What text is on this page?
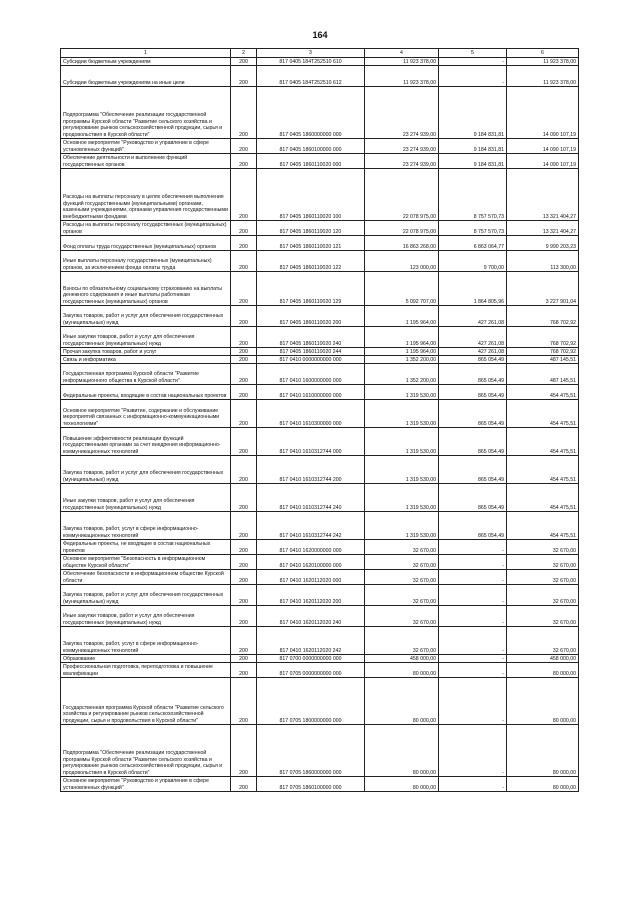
164
1	2	3	4	5	6
Субсидии бюджетным учреждениям	200	817 0405 184T252510 610	11 923 378,00	-	11 923 378,00
Субсидии бюджетным учреждениям на иные цели	200	817 0405 184T252510 612	11 923 378,00	-	11 923 378,00
Подпрограмма "Обеспечение реализации государственной программы Курской области "Развитие сельского хозяйства и регулирование рынков сельскохозяйственной продукции, сырья и продовольствия в Курской области"	200	817 0405 1860000000 000	23 274 939,00	9 184 831,81	14 090 107,19
Основное мероприятие "Руководство и управление в сфере установленных функций"	200	817 0405 1860100000 000	23 274 939,00	9 184 831,81	14 090 107,19
Обеспечение деятельности и выполнение функций государственных органов	200	817 0405 1860110020 000	23 274 939,00	9 184 831,81	14 090 107,19
Расходы на выплаты персоналу в целях обеспечения выполнения функций государственными (муниципальными) органами, казенными учреждениями, органами управления государственными внебюджетными фондами	200	817 0405 1860110020 100	22 078 975,00	8 757 570,73	13 321 404,27
Расходы на выплаты персоналу государственных (муниципальных) органов	200	817 0405 1860110020 120	22 078 975,00	8 757 570,73	13 321 404,27
Фонд оплаты труда государственных (муниципальных) органов	200	817 0405 1860110020 121	16 863 268,00	6 863 064,77	9 990 203,23
Иные выплаты персоналу государственных (муниципальных) органов, за исключением фонда оплаты труда	200	817 0405 1860110020 122	123 000,00	9 700,00	113 300,00
Взносы по обязательному социальному страхованию на выплаты денежного содержания и иные выплаты работникам государственных (муниципальных) органов	200	817 0405 1860110020 129	5 092 707,00	1 864 805,96	3 227 901,04
Закупка товаров, работ и услуг для обеспечения государственных (муниципальных) нужд	200	817 0405 1860110020 200	1 195 964,00	427 261,08	768 702,92
Иные закупки товаров, работ и услуг для обеспечения государственных (муниципальных) нужд	200	817 0405 1860110020 240	1 195 964,00	427 261,08	768 702,92
Прочая закупка товаров, работ и услуг	200	817 0405 1860110020 244	1 195 964,00	427 261,08	768 702,92
Связь и информатика	200	817 0410 0000000000 000	1 352 200,00	865 054,49	487 145,51
Государственная программа Курской области "Развитие информационного общества в Курской области"	200	817 0410 1600000000 000	1 352 200,00	865 054,49	487 145,51
Федеральные проекты, входящие в состав национальных проектов	200	817 0410 1610000000 000	1 319 530,00	865 054,49	454 475,51
Основное мероприятие "Развитие, содержание и обслуживание мероприятий связанных с информационно-коммуникационными технологиями"	200	817 0410 1610300000 000	1 319 530,00	865 054,49	454 475,51
Повышение эффективности реализации функций государственными органами за счет внедрения информационно-коммуникационных технологий	200	817 0410 1610312744 000	1 319 530,00	865 054,49	454 475,51
Закупка товаров, работ и услуг для обеспечения государственных (муниципальных) нужд	200	817 0410 1610312744 200	1 319 530,00	865 054,49	454 475,51
Иные закупки товаров, работ и услуг для обеспечения государственных (муниципальных) нужд	200	817 0410 1610312744 240	1 319 530,00	865 054,49	454 475,51
Закупка товаров, работ, услуг в сфере информационно-коммуникационных технологий	200	817 0410 1610312744 242	1 319 530,00	865 054,49	454 475,51
Федеральные проекты, не входящие в состав национальных проектов	200	817 0410 1620000000 000	32 670,00	-	32 670,00
Основное мероприятие "Безопасность в информационном обществе Курской области"	200	817 0410 1620100000 000	32 670,00	-	32 670,00
Обеспечение безопасности в информационном обществе Курской области	200	817 0410 1620112020 000	32 670,00	-	32 670,00
Закупка товаров, работ и услуг для обеспечения государственных (муниципальных) нужд	200	817 0410 1620112020 200	32 670,00	-	32 670,00
Иные закупки товаров, работ и услуг для обеспечения государственных (муниципальных) нужд	200	817 0410 1620112020 240	32 670,00	-	32 670,00
Закупка товаров, работ, услуг в сфере информационно-коммуникационных технологий	200	817 0410 1620112020 242	32 670,00	-	32 670,00
Образование	200	817 0700 0000000000 000	458 000,00	-	458 000,00
Профессиональная подготовка, переподготовка и повышение квалификации	200	817 0705 0000000000 000	80 000,00	-	80 000,00
Государственная программа Курской области "Развитие сельского хозяйства и регулирование рынков сельскохозяйственной продукции, сырья и продовольствия в Курской области"	200	817 0705 1800000000 000	80 000,00	-	80 000,00
Подпрограмма "Обеспечение реализации государственной программы Курской области "Развитие сельского хозяйства и регулирование рынков сельскохозяйственной продукции, сырья и продовольствия в Курской области"	200	817 0705 1860000000 000	80 000,00	-	80 000,00
Основное мероприятие "Руководство и управление в сфере установленных функций"	200	817 0705 1860100000 000	80 000,00	-	80 000,00
